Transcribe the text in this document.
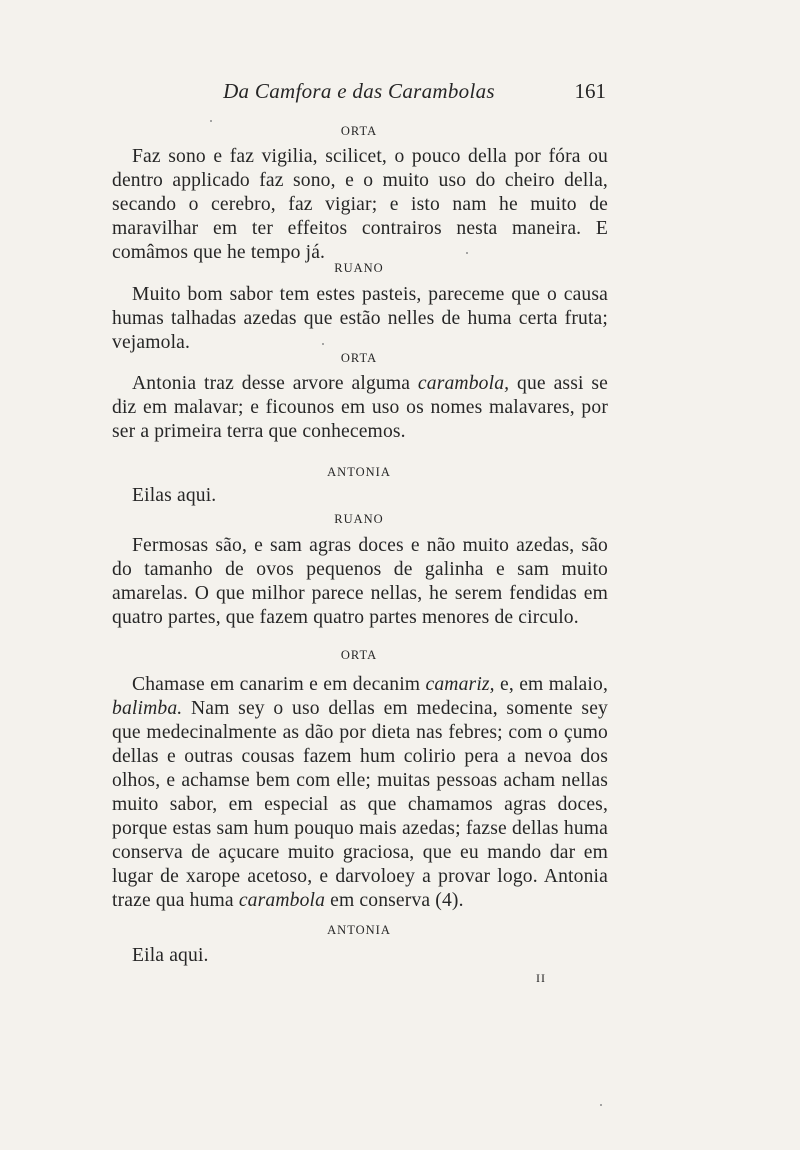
Da Camfora e das Carambolas	161
ORTA
Faz sono e faz vigilia, scilicet, o pouco della por fóra ou dentro applicado faz sono, e o muito uso do cheiro della, secando o cerebro, faz vigiar; e isto nam he muito de maravilhar em ter effeitos contrairos nesta maneira. E comâmos que he tempo já.
RUANO
Muito bom sabor tem estes pasteis, pareceme que o causa humas talhadas azedas que estão nelles de huma certa fruta; vejamola.
ORTA
Antonia traz desse arvore alguma carambola, que assi se diz em malavar; e ficounos em uso os nomes malavares, por ser a primeira terra que conhecemos.
ANTONIA
Eilas aqui.
RUANO
Fermosas são, e sam agras doces e não muito azedas, são do tamanho de ovos pequenos de galinha e sam muito amarelas. O que milhor parece nellas, he serem fendidas em quatro partes, que fazem quatro partes menores de circulo.
ORTA
Chamase em canarim e em decanim camariz, e, em malaio, balimba. Nam sey o uso dellas em medecina, somente sey que medecinalmente as dão por dieta nas febres; com o çumo dellas e outras cousas fazem hum colirio pera a nevoa dos olhos, e achamse bem com elle; muitas pessoas acham nellas muito sabor, em especial as que chamamos agras doces, porque estas sam hum pouquo mais azedas; fazse dellas huma conserva de açucare muito graciosa, que eu mando dar em lugar de xarope acetoso, e darvoloey a provar logo. Antonia traze qua huma carambola em conserva (4).
ANTONIA
Eila aqui.
II
